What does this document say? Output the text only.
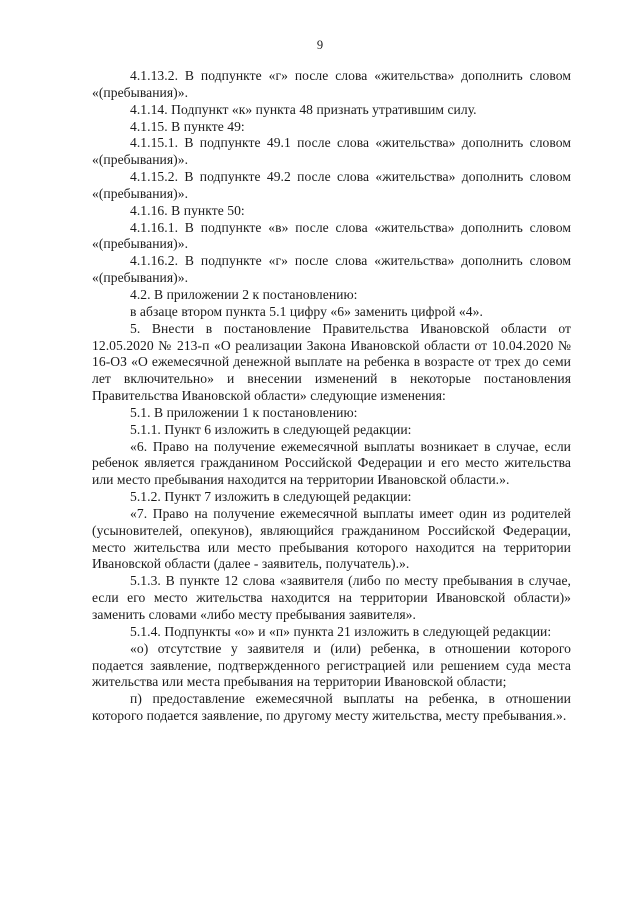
9

4.1.13.2. В подпункте «г» после слова «жительства» дополнить словом «(пребывания)».

4.1.14. Подпункт «к» пункта 48 признать утратившим силу.

4.1.15. В пункте 49:

4.1.15.1. В подпункте 49.1 после слова «жительства» дополнить словом «(пребывания)».

4.1.15.2. В подпункте 49.2 после слова «жительства» дополнить словом «(пребывания)».

4.1.16. В пункте 50:

4.1.16.1. В подпункте «в» после слова «жительства» дополнить словом «(пребывания)».

4.1.16.2. В подпункте «г» после слова «жительства» дополнить словом «(пребывания)».

4.2. В приложении 2 к постановлению:

в абзаце втором пункта 5.1 цифру «6» заменить цифрой «4».

5. Внести в постановление Правительства Ивановской области от 12.05.2020 № 213-п «О реализации Закона Ивановской области от 10.04.2020 № 16-ОЗ «О ежемесячной денежной выплате на ребенка в возрасте от трех до семи лет включительно» и внесении изменений в некоторые постановления Правительства Ивановской области» следующие изменения:

5.1. В приложении 1 к постановлению:

5.1.1. Пункт 6 изложить в следующей редакции:

«6. Право на получение ежемесячной выплаты возникает в случае, если ребенок является гражданином Российской Федерации и его место жительства или место пребывания находится на территории Ивановской области.».

5.1.2. Пункт 7 изложить в следующей редакции:

«7. Право на получение ежемесячной выплаты имеет один из родителей (усыновителей, опекунов), являющийся гражданином Российской Федерации, место жительства или место пребывания которого находится на территории Ивановской области (далее - заявитель, получатель).».

5.1.3. В пункте 12 слова «заявителя (либо по месту пребывания в случае, если его место жительства находится на территории Ивановской области)» заменить словами «либо месту пребывания заявителя».

5.1.4. Подпункты «о» и «п» пункта 21 изложить в следующей редакции:

«о) отсутствие у заявителя и (или) ребенка, в отношении которого подается заявление, подтвержденного регистрацией или решением суда места жительства или места пребывания на территории Ивановской области;

п) предоставление ежемесячной выплаты на ребенка, в отношении которого подается заявление, по другому месту жительства, месту пребывания.».
